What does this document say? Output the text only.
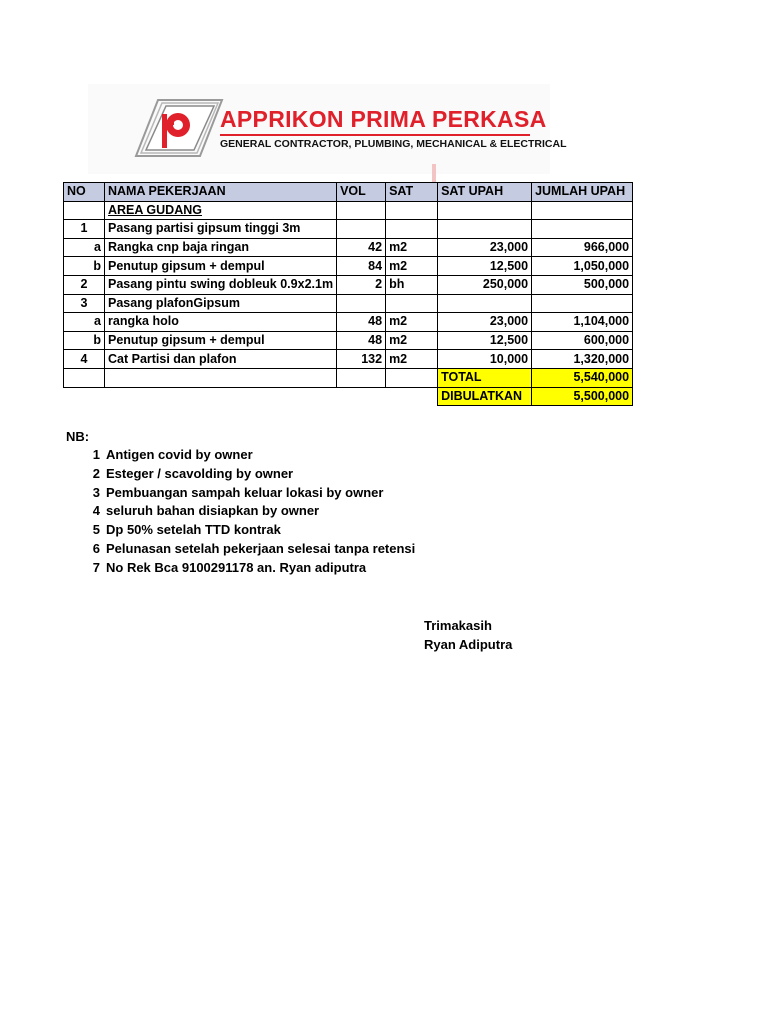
APPRIKON PRIMA PERKASA
GENERAL CONTRACTOR, PLUMBING, MECHANICAL & ELECTRICAL
NO	NAMA PEKERJAAN	VOL	SAT	SAT UPAH	JUMLAH UPAH
	AREA GUDANG				
1	Pasang partisi gipsum tinggi 3m				
a	Rangka cnp baja ringan	42	m2	23,000	966,000
b	Penutup gipsum + dempul	84	m2	12,500	1,050,000
2	Pasang pintu swing dobleuk 0.9x2.1m	2	bh	250,000	500,000
3	Pasang plafonGipsum				
a	rangka holo	48	m2	23,000	1,104,000
b	Penutup gipsum + dempul	48	m2	12,500	600,000
4	Cat Partisi dan plafon	132	m2	10,000	1,320,000
				TOTAL	5,540,000
				DIBULATKAN	5,500,000
NB:
1 Antigen covid by owner
2 Esteger / scavolding by owner
3 Pembuangan sampah keluar lokasi by owner
4 seluruh bahan disiapkan by owner
5 Dp 50% setelah TTD kontrak
6 Pelunasan setelah pekerjaan selesai tanpa retensi
7 No Rek Bca 9100291178 an. Ryan adiputra
Trimakasih
Ryan Adiputra
